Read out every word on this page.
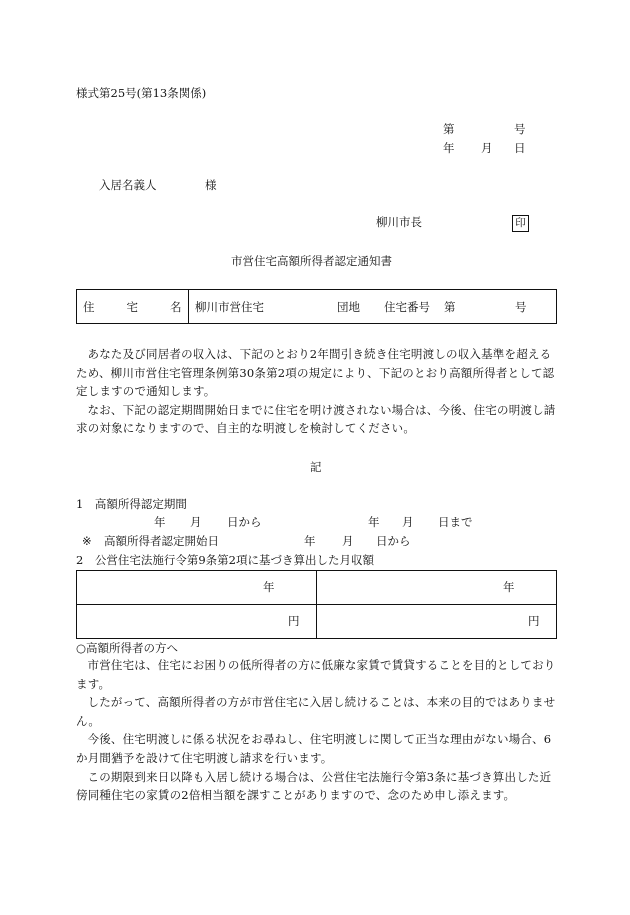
様式第25号(第13条関係)
第	号
年 月 日
入居名義人	様
柳川市長	印
市営住宅高額所得者認定通知書
住　　宅　　名 柳川市営住宅	団地 住宅番号 第	号

あなた及び同居者の収入は、下記のとおり2年間引き続き住宅明渡しの収入基準を超えるため、柳川市営住宅管理条例第30条第2項の規定により、下記のとおり高額所得者として認定しますので通知します。

なお、下記の認定期間開始日までに住宅を明け渡されない場合は、今後、住宅の明渡し請求の対象になりますので、自主的な明渡しを検討してください。

記
1　高額所得認定期間
年 月 日から	年 月 日まで
※ 高額所得者認定開始日	年 月 日から
2　公営住宅法施行令第9条第2項に基づき算出した月収額
年	年
円	円
○高額所得者の方へ

市営住宅は、住宅にお困りの低所得者の方に低廉な家賃で賃貸することを目的としております。

したがって、高額所得者の方が市営住宅に入居し続けることは、本来の目的ではありません。

今後、住宅明渡しに係る状況をお尋ねし、住宅明渡しに関して正当な理由がない場合、6か月間猶予を設けて住宅明渡し請求を行います。

この期限到来日以降も入居し続ける場合は、公営住宅法施行令第3条に基づき算出した近傍同種住宅の家賃の2倍相当額を課すことがありますので、念のため申し添えます。
